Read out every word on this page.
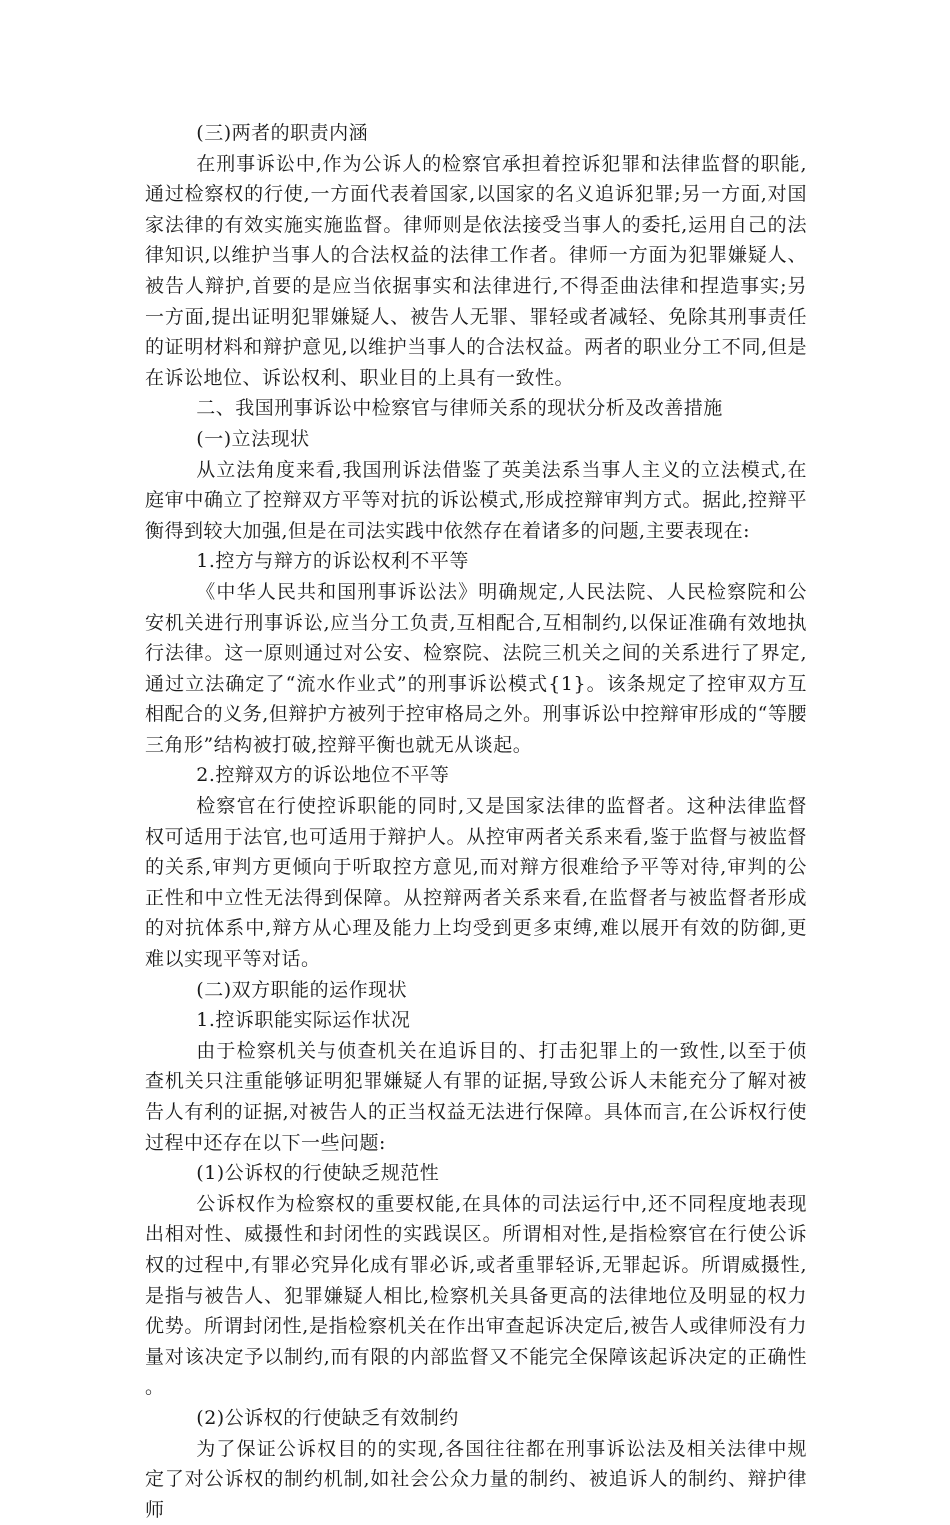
(三)两者的职责内涵

在刑事诉讼中,作为公诉人的检察官承担着控诉犯罪和法律监督的职能,通过检察权的行使,一方面代表着国家,以国家的名义追诉犯罪;另一方面,对国家法律的有效实施实施监督。律师则是依法接受当事人的委托,运用自己的法律知识,以维护当事人的合法权益的法律工作者。律师一方面为犯罪嫌疑人、被告人辩护,首要的是应当依据事实和法律进行,不得歪曲法律和捏造事实;另一方面,提出证明犯罪嫌疑人、被告人无罪、罪轻或者减轻、免除其刑事责任的证明材料和辩护意见,以维护当事人的合法权益。两者的职业分工不同,但是在诉讼地位、诉讼权利、职业目的上具有一致性。

二、我国刑事诉讼中检察官与律师关系的现状分析及改善措施

(一)立法现状

从立法角度来看,我国刑诉法借鉴了英美法系当事人主义的立法模式,在庭审中确立了控辩双方平等对抗的诉讼模式,形成控辩审判方式。据此,控辩平衡得到较大加强,但是在司法实践中依然存在着诸多的问题,主要表现在:

1.控方与辩方的诉讼权利不平等

《中华人民共和国刑事诉讼法》明确规定,人民法院、人民检察院和公安机关进行刑事诉讼,应当分工负责,互相配合,互相制约,以保证准确有效地执行法律。这一原则通过对公安、检察院、法院三机关之间的关系进行了界定,通过立法确定了“流水作业式”的刑事诉讼模式{1}。该条规定了控审双方互相配合的义务,但辩护方被列于控审格局之外。刑事诉讼中控辩审形成的“等腰三角形”结构被打破,控辩平衡也就无从谈起。

2.控辩双方的诉讼地位不平等

检察官在行使控诉职能的同时,又是国家法律的监督者。这种法律监督权可适用于法官,也可适用于辩护人。从控审两者关系来看,鉴于监督与被监督的关系,审判方更倾向于听取控方意见,而对辩方很难给予平等对待,审判的公正性和中立性无法得到保障。从控辩两者关系来看,在监督者与被监督者形成的对抗体系中,辩方从心理及能力上均受到更多束缚,难以展开有效的防御,更难以实现平等对话。

(二)双方职能的运作现状

1.控诉职能实际运作状况

由于检察机关与侦查机关在追诉目的、打击犯罪上的一致性,以至于侦查机关只注重能够证明犯罪嫌疑人有罪的证据,导致公诉人未能充分了解对被告人有利的证据,对被告人的正当权益无法进行保障。具体而言,在公诉权行使过程中还存在以下一些问题:

(1)公诉权的行使缺乏规范性

公诉权作为检察权的重要权能,在具体的司法运行中,还不同程度地表现出相对性、威摄性和封闭性的实践误区。所谓相对性,是指检察官在行使公诉权的过程中,有罪必究异化成有罪必诉,或者重罪轻诉,无罪起诉。所谓威摄性,是指与被告人、犯罪嫌疑人相比,检察机关具备更高的法律地位及明显的权力优势。所谓封闭性,是指检察机关在作出审查起诉决定后,被告人或律师没有力量对该决定予以制约,而有限的内部监督又不能完全保障该起诉决定的正确性。

(2)公诉权的行使缺乏有效制约

为了保证公诉权目的的实现,各国往往都在刑事诉讼法及相关法律中规定了对公诉权的制约机制,如社会公众力量的制约、被追诉人的制约、辩护律师
